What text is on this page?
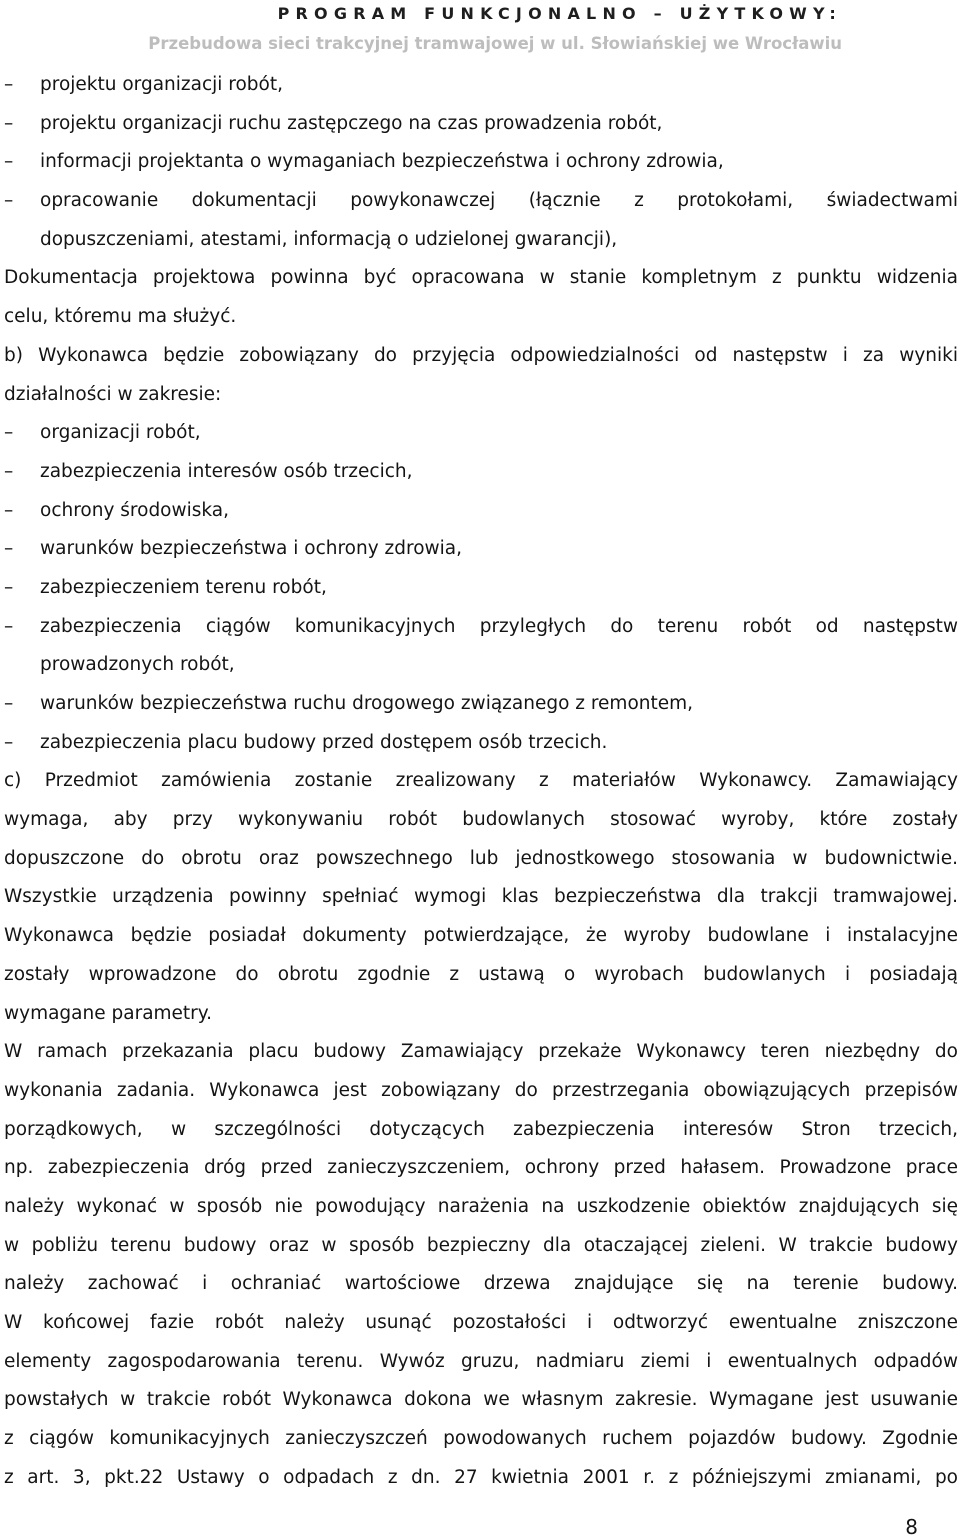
PROGRAM FUNKCJONALNO – UŻYTKOWY:
Przebudowa sieci trakcyjnej tramwajowej w ul. Słowiańskiej we Wrocławiu
– projektu organizacji robót,
– projektu organizacji ruchu zastępczego na czas prowadzenia robót,
– informacji projektanta o wymaganiach bezpieczeństwa i ochrony zdrowia,
– opracowanie dokumentacji powykonawczej (łącznie z protokołami, świadectwami
dopuszczeniami, atestami, informacją o udzielonej gwarancji),
Dokumentacja projektowa powinna być opracowana w stanie kompletnym z punktu widzenia
celu, któremu ma służyć.
b) Wykonawca będzie zobowiązany do przyjęcia odpowiedzialności od następstw i za wyniki
działalności w zakresie:
– organizacji robót,
– zabezpieczenia interesów osób trzecich,
– ochrony środowiska,
– warunków bezpieczeństwa i ochrony zdrowia,
– zabezpieczeniem terenu robót,
– zabezpieczenia ciągów komunikacyjnych przyległych do terenu robót od następstw
prowadzonych robót,
– warunków bezpieczeństwa ruchu drogowego związanego z remontem,
– zabezpieczenia placu budowy przed dostępem osób trzecich.
c) Przedmiot zamówienia zostanie zrealizowany z materiałów Wykonawcy. Zamawiający
wymaga, aby przy wykonywaniu robót budowlanych stosować wyroby, które zostały
dopuszczone do obrotu oraz powszechnego lub jednostkowego stosowania w budownictwie.
Wszystkie urządzenia powinny spełniać wymogi klas bezpieczeństwa dla trakcji tramwajowej.
Wykonawca będzie posiadał dokumenty potwierdzające, że wyroby budowlane i instalacyjne
zostały wprowadzone do obrotu zgodnie z ustawą o wyrobach budowlanych i posiadają
wymagane parametry.
W ramach przekazania placu budowy Zamawiający przekaże Wykonawcy teren niezbędny do
wykonania zadania. Wykonawca jest zobowiązany do przestrzegania obowiązujących przepisów
porządkowych, w szczególności dotyczących zabezpieczenia interesów Stron trzecich,
np. zabezpieczenia dróg przed zanieczyszczeniem, ochrony przed hałasem. Prowadzone prace
należy wykonać w sposób nie powodujący narażenia na uszkodzenie obiektów znajdujących się
w pobliżu terenu budowy oraz w sposób bezpieczny dla otaczającej zieleni. W trakcie budowy
należy zachować i ochraniać wartościowe drzewa znajdujące się na terenie budowy.
W końcowej fazie robót należy usunąć pozostałości i odtworzyć ewentualne zniszczone
elementy zagospodarowania terenu. Wywóz gruzu, nadmiaru ziemi i ewentualnych odpadów
powstałych w trakcie robót Wykonawca dokona we własnym zakresie. Wymagane jest usuwanie
z ciągów komunikacyjnych zanieczyszczeń powodowanych ruchem pojazdów budowy. Zgodnie
z art. 3, pkt.22 Ustawy o odpadach z dn. 27 kwietnia 2001 r. z późniejszymi zmianami, po
8
